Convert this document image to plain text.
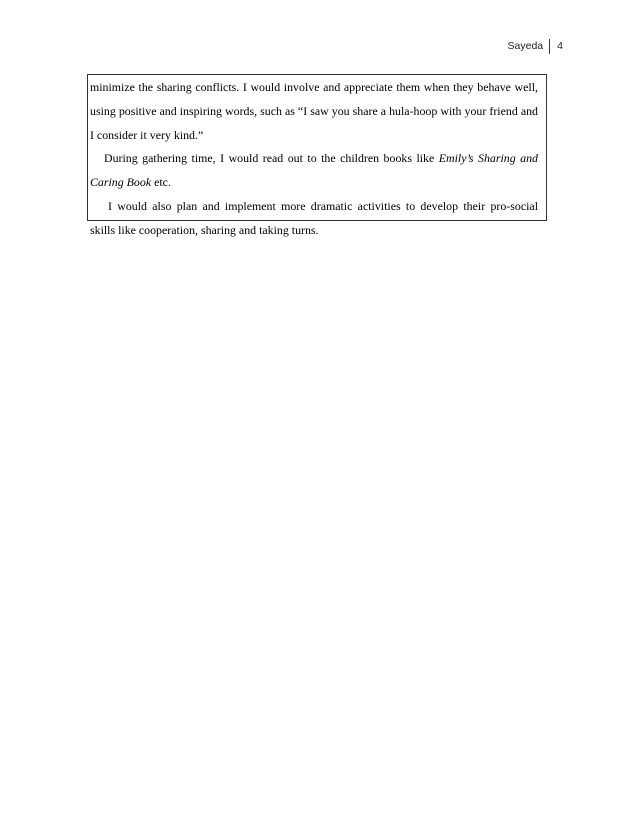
Sayeda	4

minimize the sharing conflicts. I would involve and appreciate them when they behave well, using positive and inspiring words, such as “I saw you share a hula-hoop with your friend and I consider it very kind.”

During gathering time, I would read out to the children books like Emily’s Sharing and Caring Book etc.

I would also plan and implement more dramatic activities to develop their pro-social skills like cooperation, sharing and taking turns.
